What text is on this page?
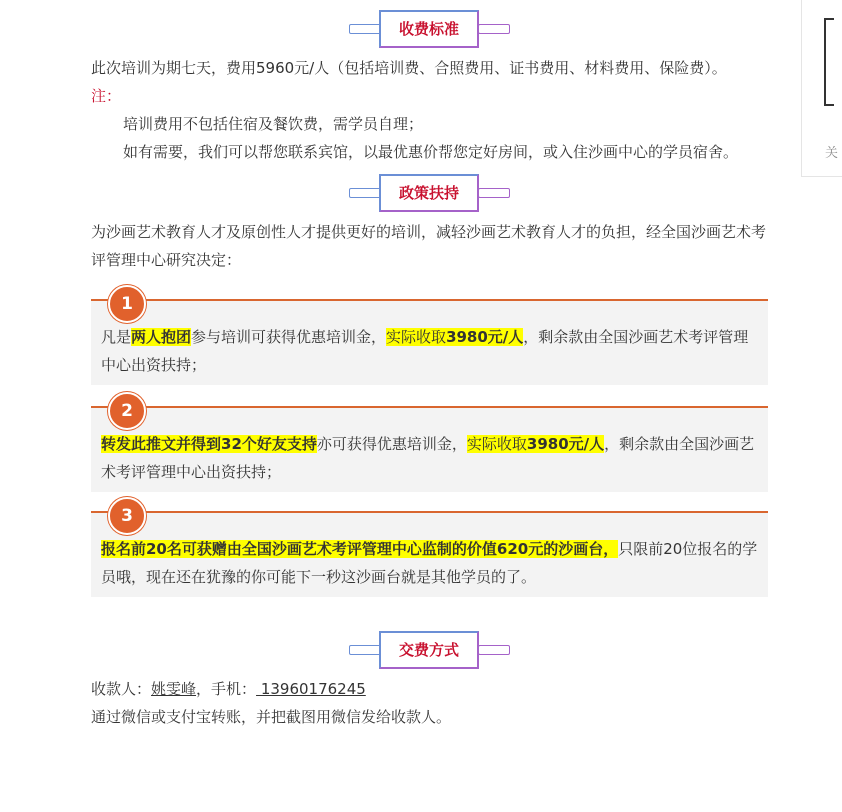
收费标准

此次培训为期七天，费用5960元/人（包括培训费、合照费用、证书费用、材料费用、保险费）。

注：

培训费用不包括住宿及餐饮费，需学员自理；

如有需要，我们可以帮您联系宾馆，以最优惠价帮您定好房间，或入住沙画中心的学员宿舍。

政策扶持

为沙画艺术教育人才及原创性人才提供更好的培训，减轻沙画艺术教育人才的负担，经全国沙画艺术考评管理中心研究决定：

1
凡是两人抱团参与培训可获得优惠培训金，实际收取3980元/人，剩余款由全国沙画艺术考评管理中心出资扶持；
2
转发此推文并得到32个好友支持亦可获得优惠培训金，实际收取3980元/人，剩余款由全国沙画艺术考评管理中心出资扶持；
3
报名前20名可获赠由全国沙画艺术考评管理中心监制的价值620元的沙画台，只限前20位报名的学员哦，现在还在犹豫的你可能下一秒这沙画台就是其他学员的了。
交费方式

收款人：姚雯峰，手机： 13960176245

通过微信或支付宝转账，并把截图用微信发给收款人。

关
